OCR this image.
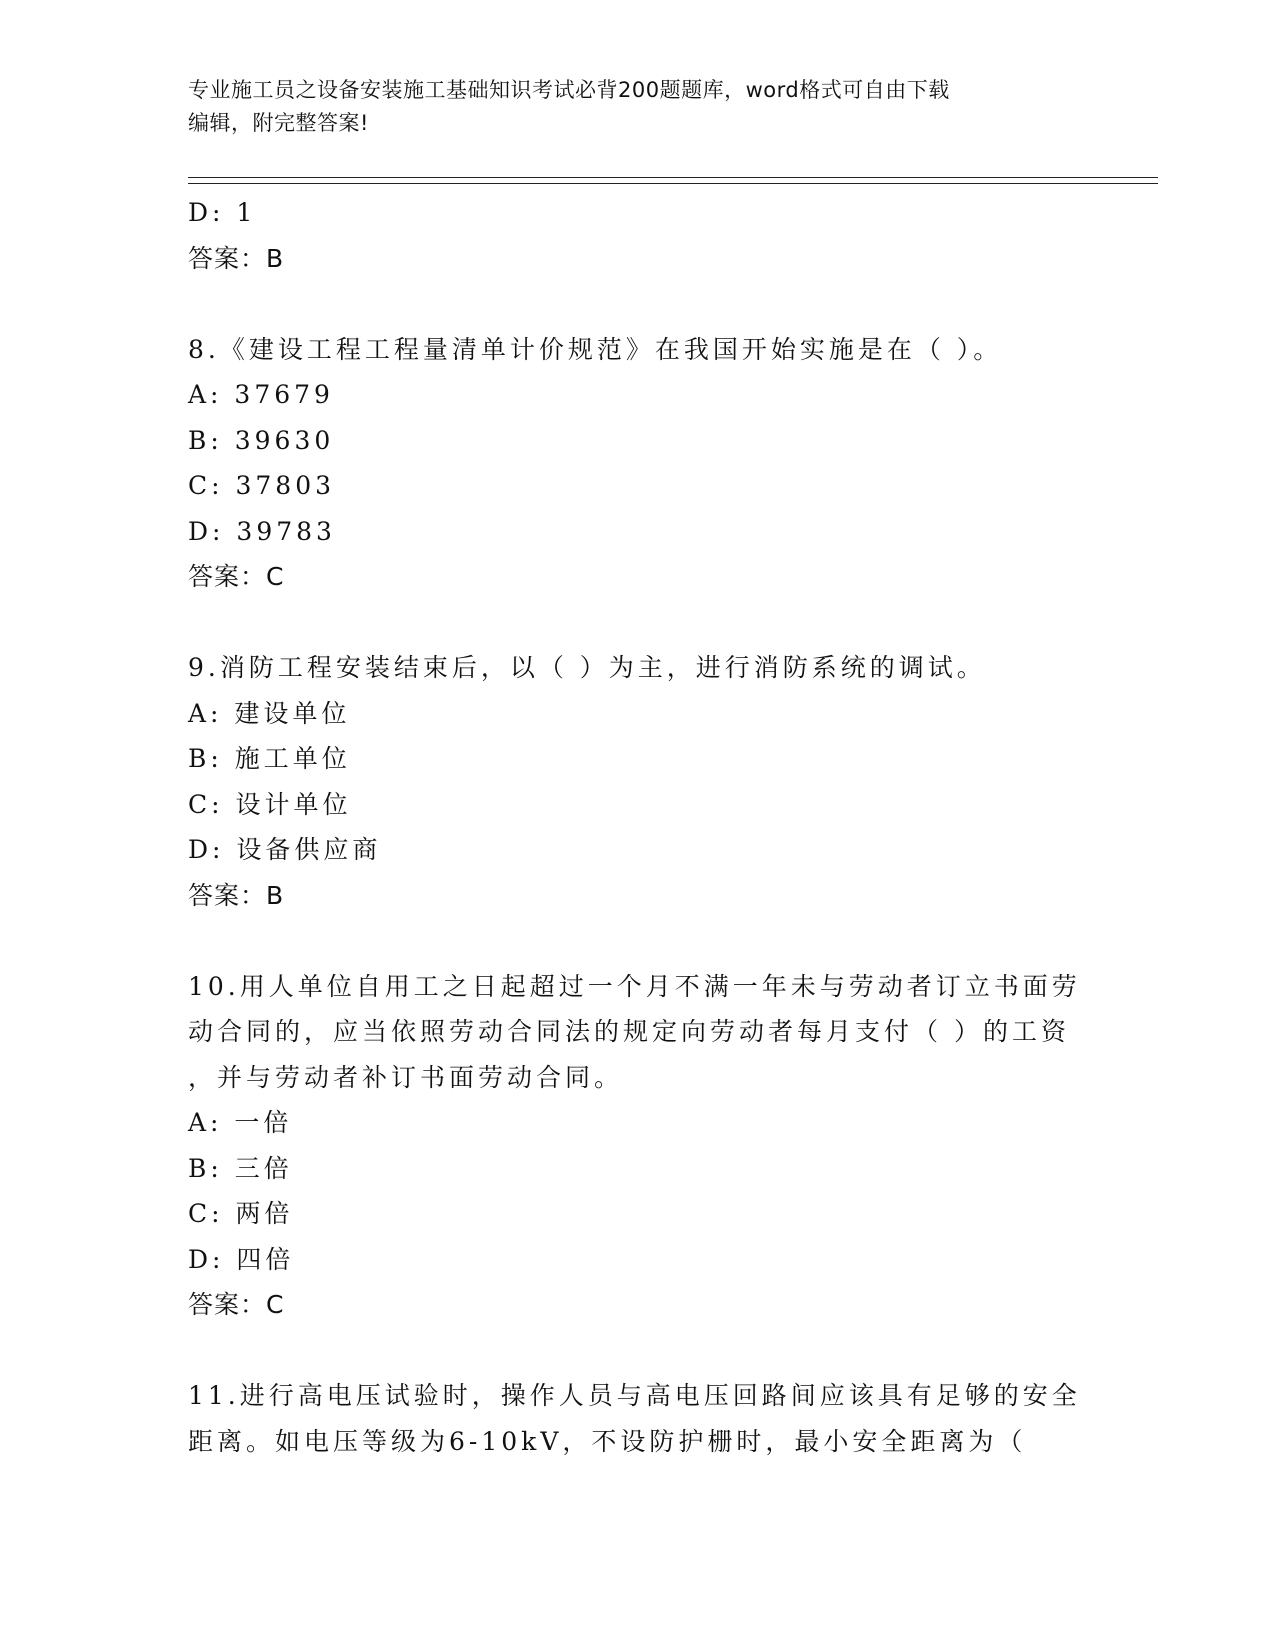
专业施工员之设备安装施工基础知识考试必背200题题库，word格式可自由下载
编辑，附完整答案!
D: 1
答案：B
8.《建设工程工程量清单计价规范》在我国开始实施是在（ ）。
A: 37679
B: 39630
C: 37803
D: 39783
答案：C
9.消防工程安装结束后，以（ ）为主，进行消防系统的调试。
A: 建设单位
B: 施工单位
C: 设计单位
D: 设备供应商
答案：B
10.用人单位自用工之日起超过一个月不满一年未与劳动者订立书面劳
动合同的，应当依照劳动合同法的规定向劳动者每月支付（ ）的工资
，并与劳动者补订书面劳动合同。
A: 一倍
B: 三倍
C: 两倍
D: 四倍
答案：C
11.进行高电压试验时，操作人员与高电压回路间应该具有足够的安全
距离。如电压等级为6-10kV，不设防护栅时，最小安全距离为（
